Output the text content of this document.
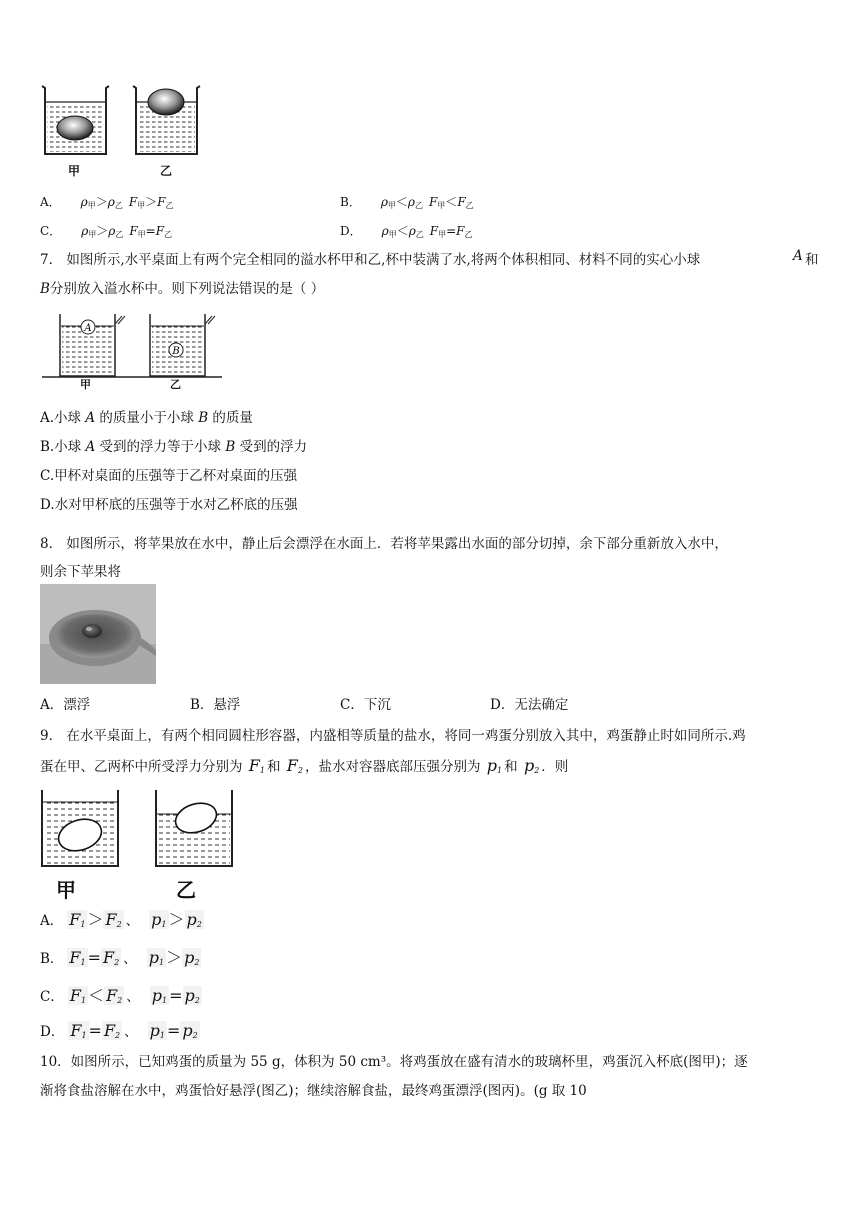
甲	乙
A． $\rho_甲>\rho_乙$ $F_甲>F_乙$	B． $\rho_甲<\rho_乙$ $F_甲<F_乙$
C． $\rho_甲>\rho_乙$ $F_甲=F_乙$	D． $\rho_甲<\rho_乙$ $F_甲=F_乙$
7． 如图所示,水平桌面上有两个完全相同的溢水杯甲和乙,杯中装满了水,将两个体积相同、材料不同的实心小球	A 和
B分别放入溢水杯中。则下列说法错误的是（ ）
A
B
甲	乙
A.小球 A 的质量小于小球 B 的质量
B.小球 A 受到的浮力等于小球 B 受到的浮力
C.甲杯对桌面的压强等于乙杯对桌面的压强
D.水对甲杯底的压强等于水对乙杯底的压强
8． 如图所示，将苹果放在水中，静止后会漂浮在水面上．若将苹果露出水面的部分切掉，余下部分重新放入水中，
则余下苹果将
A．漂浮	B．悬浮	C．下沉	D．无法确定
9． 在水平桌面上，有两个相同圆柱形容器，内盛相等质量的盐水，将同一鸡蛋分别放入其中，鸡蛋静止时如同所示.鸡
蛋在甲、乙两杯中所受浮力分别为 $F_1$ 和 $F_2$ ，盐水对容器底部压强分别为 $p_1$ 和 $p_2$ ．则
甲	乙
A． $F_1 > F_2$ 、 $p_1 > p_2$
B． $F_1 = F_2$ 、 $p_1 > p_2$
C． $F_1 < F_2$ 、 $p_1 = p_2$
D． $F_1 = F_2$ 、 $p_1 = p_2$
10．如图所示，已知鸡蛋的质量为 55 g，体积为 50 cm³。将鸡蛋放在盛有清水的玻璃杯里，鸡蛋沉入杯底(图甲)；逐
渐将食盐溶解在水中，鸡蛋恰好悬浮(图乙)；继续溶解食盐，最终鸡蛋漂浮(图丙)。(g 取 10
